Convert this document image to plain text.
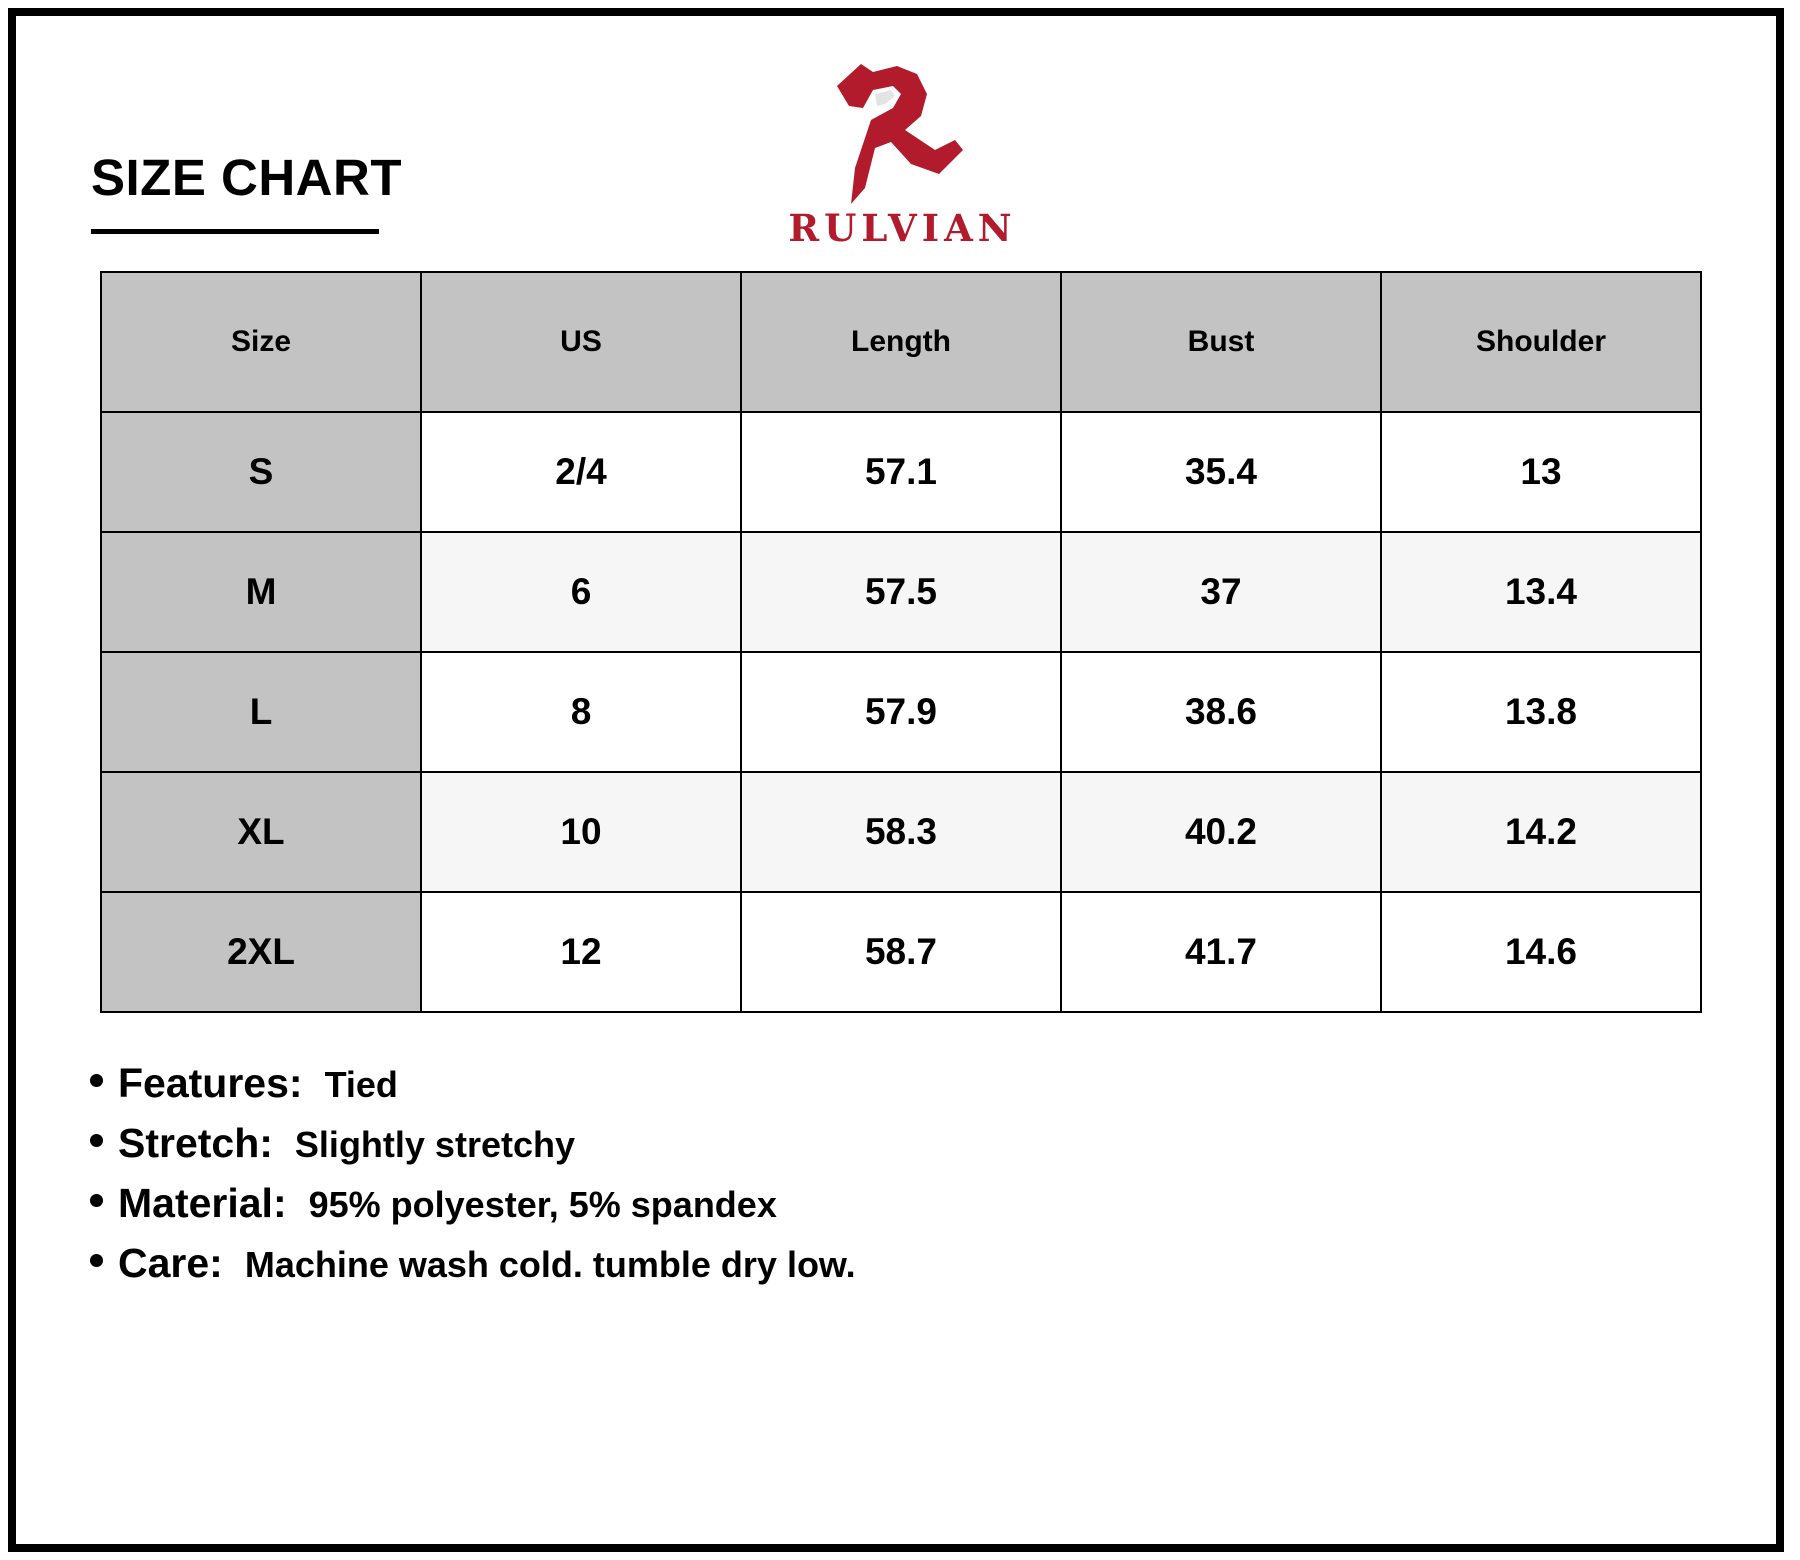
SIZE CHART
RULVIAN
Size	US	Length	Bust	Shoulder
S	2/4	57.1	35.4	13
M	6	57.5	37	13.4
L	8	57.9	38.6	13.8
XL	10	58.3	40.2	14.2
2XL	12	58.7	41.7	14.6
Features: Tied
Stretch: Slightly stretchy
Material: 95% polyester, 5% spandex
Care: Machine wash cold. tumble dry low.
